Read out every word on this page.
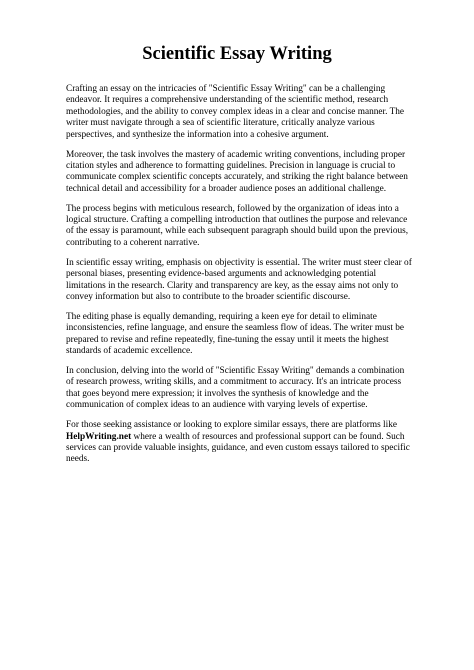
Scientific Essay Writing

Crafting an essay on the intricacies of "Scientific Essay Writing" can be a challenging endeavor. It requires a comprehensive understanding of the scientific method, research methodologies, and the ability to convey complex ideas in a clear and concise manner. The writer must navigate through a sea of scientific literature, critically analyze various perspectives, and synthesize the information into a cohesive argument.

Moreover, the task involves the mastery of academic writing conventions, including proper citation styles and adherence to formatting guidelines. Precision in language is crucial to communicate complex scientific concepts accurately, and striking the right balance between technical detail and accessibility for a broader audience poses an additional challenge.

The process begins with meticulous research, followed by the organization of ideas into a logical structure. Crafting a compelling introduction that outlines the purpose and relevance of the essay is paramount, while each subsequent paragraph should build upon the previous, contributing to a coherent narrative.

In scientific essay writing, emphasis on objectivity is essential. The writer must steer clear of personal biases, presenting evidence-based arguments and acknowledging potential limitations in the research. Clarity and transparency are key, as the essay aims not only to convey information but also to contribute to the broader scientific discourse.

The editing phase is equally demanding, requiring a keen eye for detail to eliminate inconsistencies, refine language, and ensure the seamless flow of ideas. The writer must be prepared to revise and refine repeatedly, fine-tuning the essay until it meets the highest standards of academic excellence.

In conclusion, delving into the world of "Scientific Essay Writing" demands a combination of research prowess, writing skills, and a commitment to accuracy. It's an intricate process that goes beyond mere expression; it involves the synthesis of knowledge and the communication of complex ideas to an audience with varying levels of expertise.

For those seeking assistance or looking to explore similar essays, there are platforms like HelpWriting.net where a wealth of resources and professional support can be found. Such services can provide valuable insights, guidance, and even custom essays tailored to specific needs.
